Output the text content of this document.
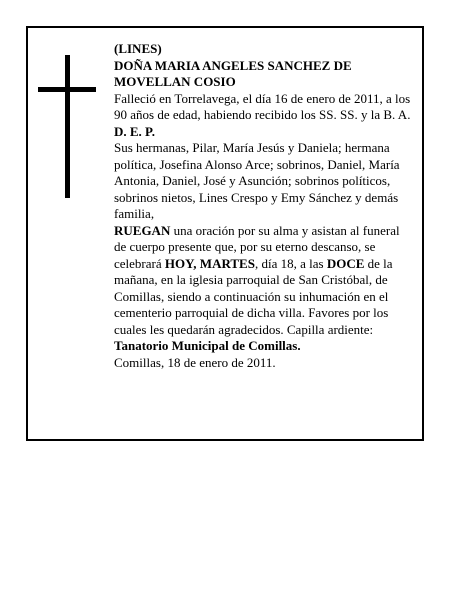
(LINES)

DOÑA MARIA ANGELES SANCHEZ DE MOVELLAN COSIO

Falleció en Torrelavega, el día 16 de enero de 2011, a los 90 años de edad, habiendo recibido los SS. SS. y la B. A.

D. E. P.

Sus hermanas, Pilar, María Jesús y Daniela; hermana política, Josefina Alonso Arce; sobrinos, Daniel, María Antonia, Daniel, José y Asunción; sobrinos políticos, sobrinos nietos, Lines Crespo y Emy Sánchez y demás familia,

RUEGAN una oración por su alma y asistan al funeral de cuerpo presente que, por su eterno descanso, se celebrará HOY, MARTES, día 18, a las DOCE de la mañana, en la iglesia parroquial de San Cristóbal, de Comillas, siendo a continuación su inhumación en el cementerio parroquial de dicha villa. Favores por los cuales les quedarán agradecidos. Capilla ardiente:

Tanatorio Municipal de Comillas.

Comillas, 18 de enero de 2011.
